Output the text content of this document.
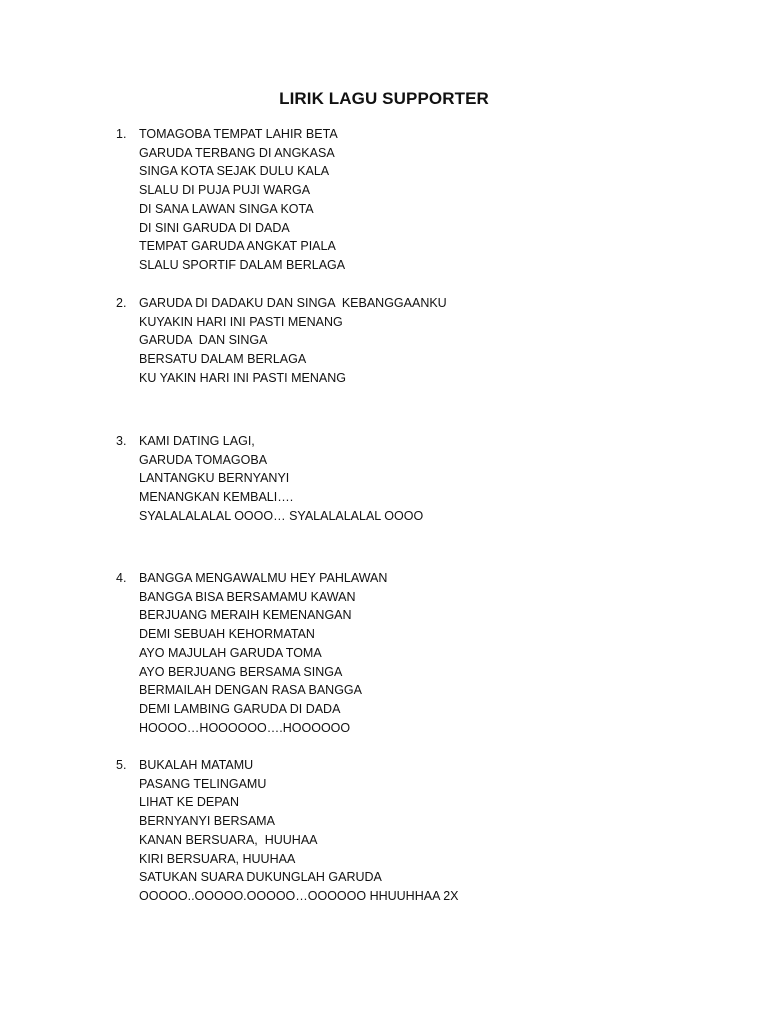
LIRIK LAGU SUPPORTER
1. TOMAGOBA TEMPAT LAHIR BETA
GARUDA TERBANG DI ANGKASA
SINGA KOTA SEJAK DULU KALA
SLALU DI PUJA PUJI WARGA
DI SANA LAWAN SINGA KOTA
DI SINI GARUDA DI DADA
TEMPAT GARUDA ANGKAT PIALA
SLALU SPORTIF DALAM BERLAGA
2. GARUDA DI DADAKU DAN SINGA  KEBANGGAANKU
KUYAKIN HARI INI PASTI MENANG
GARUDA  DAN SINGA
BERSATU DALAM BERLAGA
KU YAKIN HARI INI PASTI MENANG
3. KAMI DATING LAGI,
GARUDA TOMAGOBA
LANTANGKU BERNYANYI
MENANGKAN KEMBALI….
SYALALALALAL OOOO… SYALALALALAL OOOO
4. BANGGA MENGAWALMU HEY PAHLAWAN
BANGGA BISA BERSAMAMU KAWAN
BERJUANG MERAIH KEMENANGAN
DEMI SEBUAH KEHORMATAN
AYO MAJULAH GARUDA TOMA
AYO BERJUANG BERSAMA SINGA
BERMAILAH DENGAN RASA BANGGA
DEMI LAMBING GARUDA DI DADA
HOOOO…HOOOOOO….HOOOOOO
5. BUKALAH MATAMU
PASANG TELINGAMU
LIHAT KE DEPAN
BERNYANYI BERSAMA
KANAN BERSUARA,  HUUHAA
KIRI BERSUARA, HUUHAA
SATUKAN SUARA DUKUNGLAH GARUDA
OOOOO..OOOOO.OOOOO…OOOOOO HHUUHHAA 2X
